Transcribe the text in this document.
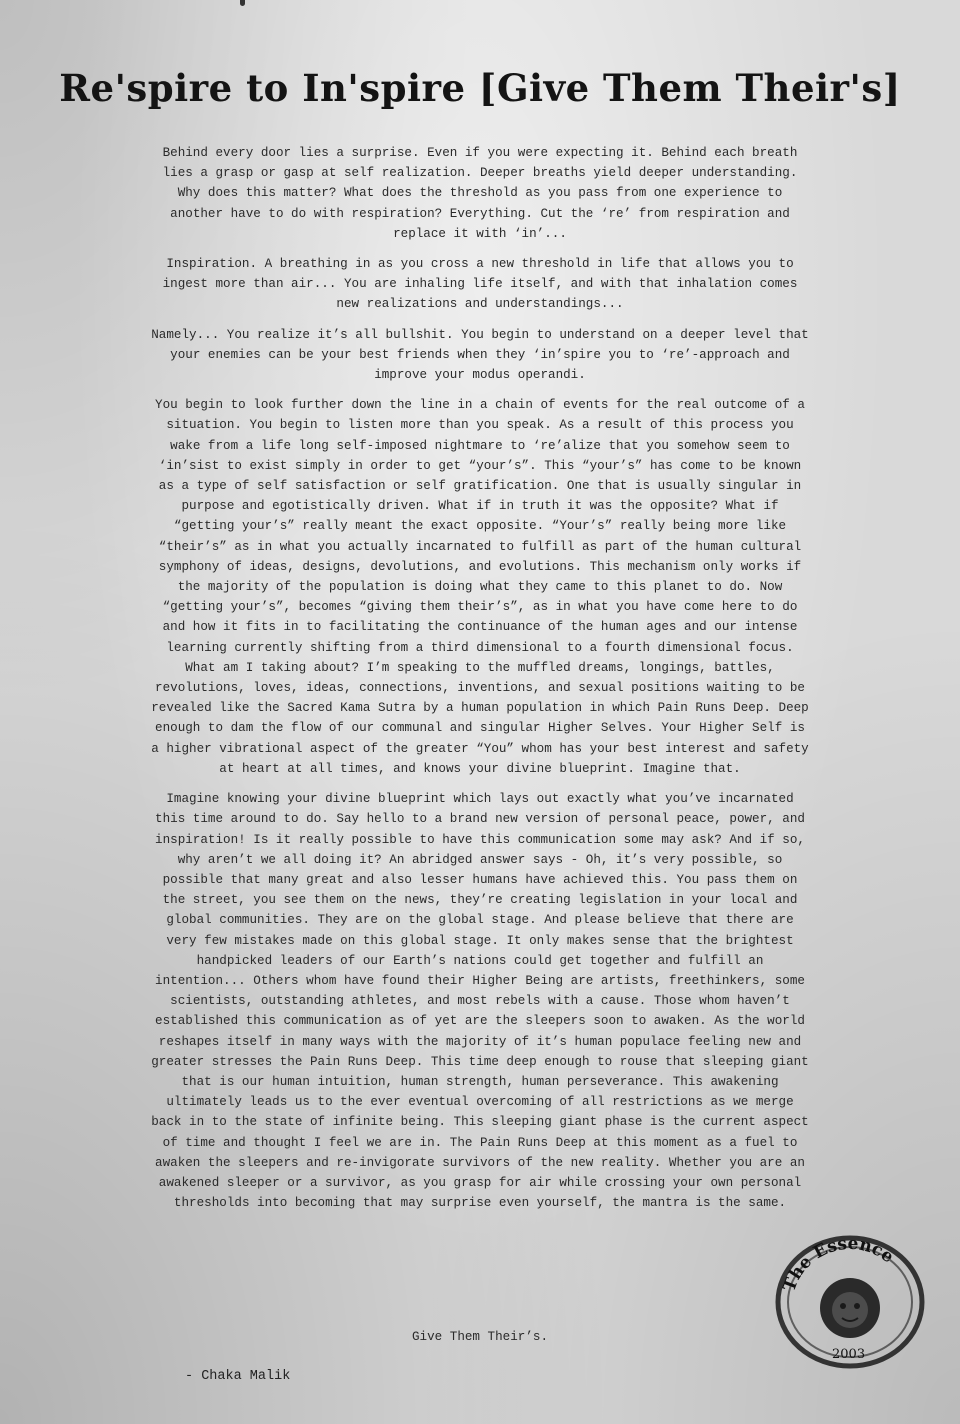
Re'spire to In'spire [Give Them Their's]

Behind every door lies a surprise. Even if you were expecting it. Behind each breath lies a grasp or gasp at self realization. Deeper breaths yield deeper understanding. Why does this matter? What does the threshold as you pass from one experience to another have to do with respiration? Everything. Cut the ‘re’ from respiration and replace it with ‘in’...

Inspiration. A breathing in as you cross a new threshold in life that allows you to ingest more than air... You are inhaling life itself, and with that inhalation comes new realizations and understandings...

Namely... You realize it’s all bullshit. You begin to understand on a deeper level that your enemies can be your best friends when they ‘in’spire you to ‘re’-approach and improve your modus operandi.

You begin to look further down the line in a chain of events for the real outcome of a situation. You begin to listen more than you speak. As a result of this process you wake from a life long self-imposed nightmare to ‘re’alize that you somehow seem to ‘in’sist to exist simply in order to get “your’s”. This “your’s” has come to be known as a type of self satisfaction or self gratification. One that is usually singular in purpose and egotistically driven. What if in truth it was the opposite? What if “getting your’s” really meant the exact opposite. “Your’s” really being more like “their’s” as in what you actually incarnated to fulfill as part of the human cultural symphony of ideas, designs, devolutions, and evolutions. This mechanism only works if the majority of the population is doing what they came to this planet to do. Now “getting your’s”, becomes “giving them their’s”, as in what you have come here to do and how it fits in to facilitating the continuance of the human ages and our intense learning currently shifting from a third dimensional to a fourth dimensional focus. What am I taking about? I’m speaking to the muffled dreams, longings, battles, revolutions, loves, ideas, connections, inventions, and sexual positions waiting to be revealed like the Sacred Kama Sutra by a human population in which Pain Runs Deep. Deep enough to dam the flow of our communal and singular Higher Selves. Your Higher Self is a higher vibrational aspect of the greater “You” whom has your best interest and safety at heart at all times, and knows your divine blueprint. Imagine that.

Imagine knowing your divine blueprint which lays out exactly what you’ve incarnated this time around to do. Say hello to a brand new version of personal peace, power, and inspiration! Is it really possible to have this communication some may ask? And if so, why aren’t we all doing it? An abridged answer says - Oh, it’s very possible, so possible that many great and also lesser humans have achieved this. You pass them on the street, you see them on the news, they’re creating legislation in your local and global communities. They are on the global stage. And please believe that there are very few mistakes made on this global stage. It only makes sense that the brightest handpicked leaders of our Earth’s nations could get together and fulfill an intention... Others whom have found their Higher Being are artists, freethinkers, some scientists, outstanding athletes, and most rebels with a cause. Those whom haven’t established this communication as of yet are the sleepers soon to awaken. As the world reshapes itself in many ways with the majority of it’s human populace feeling new and greater stresses the Pain Runs Deep. This time deep enough to rouse that sleeping giant that is our human intuition, human strength, human perseverance. This awakening ultimately leads us to the ever eventual overcoming of all restrictions as we merge back in to the state of infinite being. This sleeping giant phase is the current aspect of time and thought I feel we are in. The Pain Runs Deep at this moment as a fuel to awaken the sleepers and re-invigorate survivors of the new reality. Whether you are an awakened sleeper or a survivor, as you grasp for air while crossing your own personal thresholds into becoming that may surprise even yourself, the mantra is the same.

Give Them Their’s.
- Chaka Malik
The Essence
2003
